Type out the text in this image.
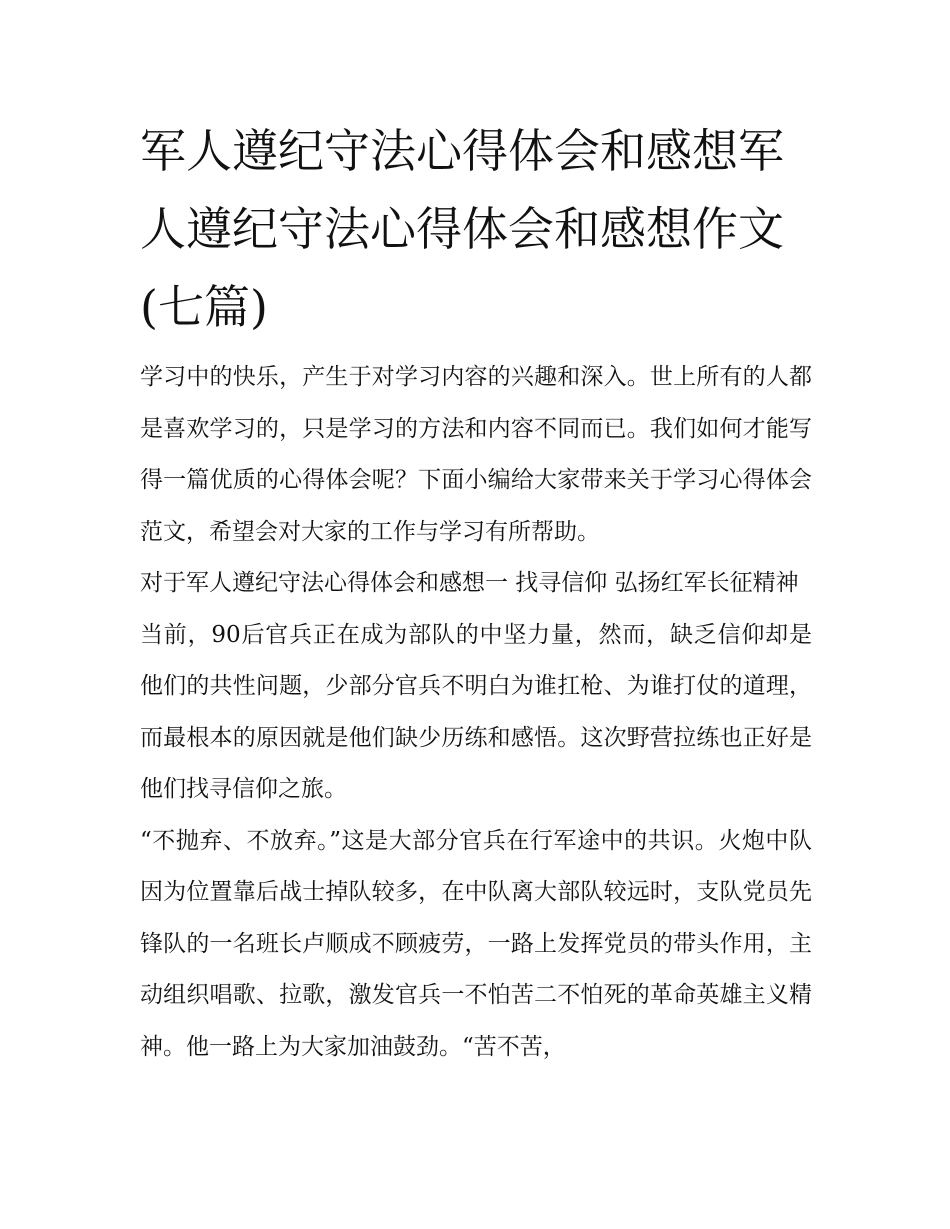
军人遵纪守法心得体会和感想军人遵纪守法心得体会和感想作文(七篇)

学习中的快乐，产生于对学习内容的兴趣和深入。世上所有的人都是喜欢学习的，只是学习的方法和内容不同而已。我们如何才能写得一篇优质的心得体会呢？下面小编给大家带来关于学习心得体会范文，希望会对大家的工作与学习有所帮助。

对于军人遵纪守法心得体会和感想一 找寻信仰 弘扬红军长征精神

当前，90后官兵正在成为部队的中坚力量，然而，缺乏信仰却是他们的共性问题，少部分官兵不明白为谁扛枪、为谁打仗的道理，而最根本的原因就是他们缺少历练和感悟。这次野营拉练也正好是他们找寻信仰之旅。

“不抛弃、不放弃。”这是大部分官兵在行军途中的共识。火炮中队因为位置靠后战士掉队较多，在中队离大部队较远时，支队党员先锋队的一名班长卢顺成不顾疲劳，一路上发挥党员的带头作用，主动组织唱歌、拉歌，激发官兵一不怕苦二不怕死的革命英雄主义精神。他一路上为大家加油鼓劲。“苦不苦，
